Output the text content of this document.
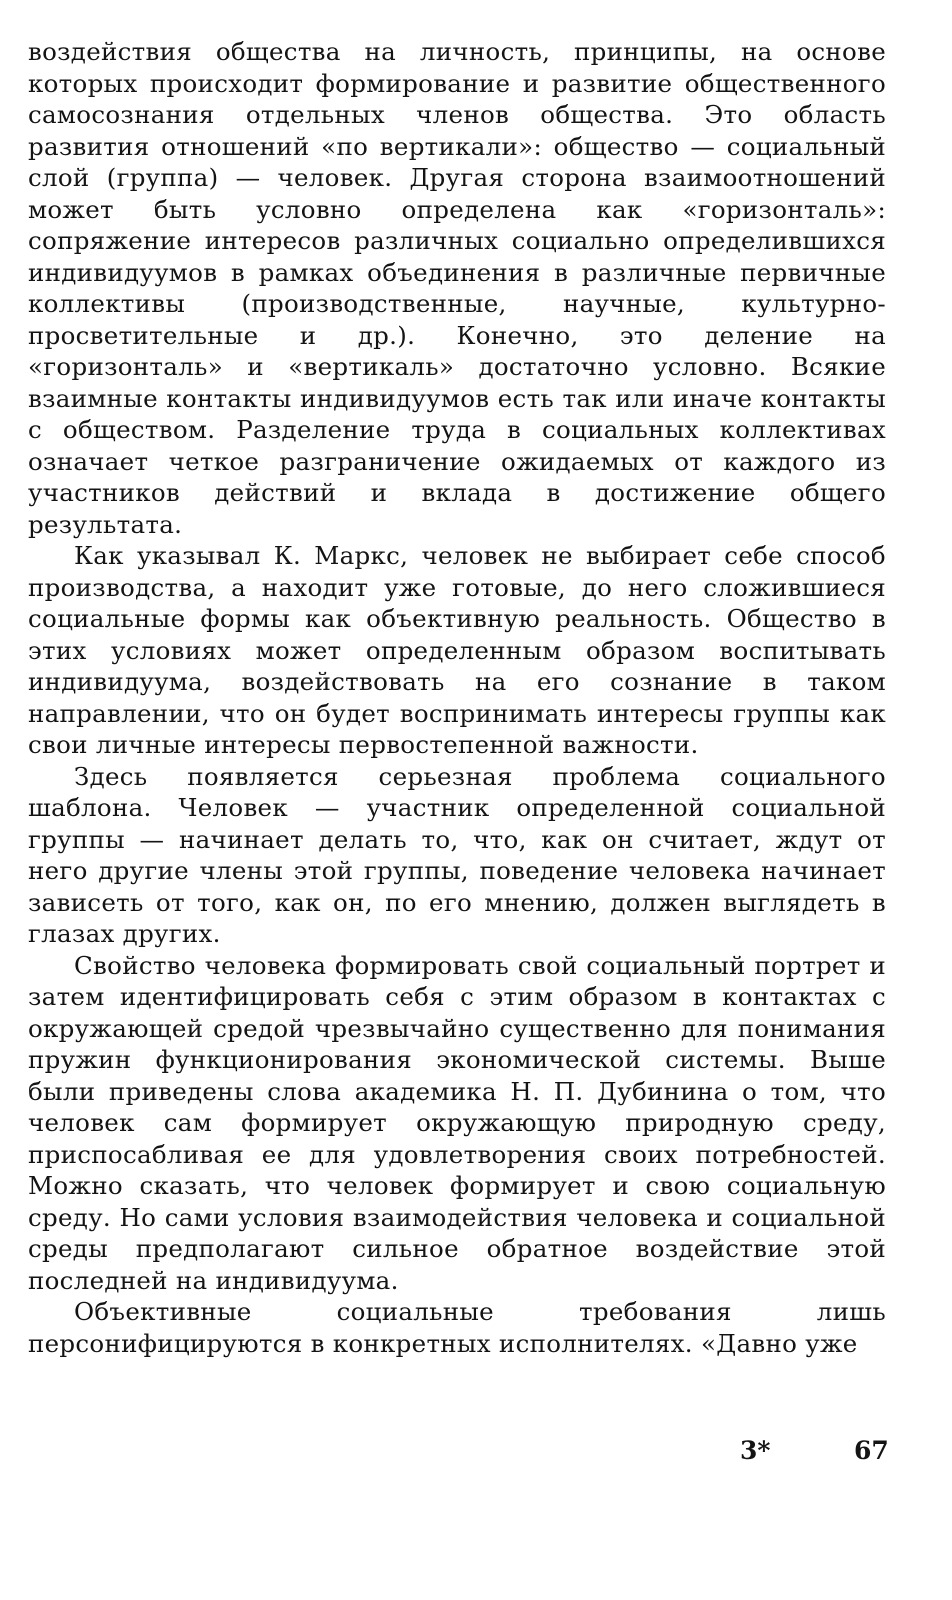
воздействия общества на личность, принципы, на основе которых происходит формирование и развитие общественного самосознания отдельных членов общества. Это область развития отношений «по вертикали»: общество — социальный слой (группа) — человек. Другая сторона взаимоотношений может быть условно определена как «горизонталь»: сопряжение интересов различных социально определившихся индивидуумов в рамках объединения в различные первичные коллективы (производственные, научные, культурно-просветительные и др.). Конечно, это деление на «горизонталь» и «вертикаль» достаточно условно. Всякие взаимные контакты индивидуумов есть так или иначе контакты с обществом. Разделение труда в социальных коллективах означает четкое разграничение ожидаемых от каждого из участников действий и вклада в достижение общего результата.

Как указывал К. Маркс, человек не выбирает себе способ производства, а находит уже готовые, до него сложившиеся социальные формы как объективную реальность. Общество в этих условиях может определенным образом воспитывать индивидуума, воздействовать на его сознание в таком направлении, что он будет воспринимать интересы группы как свои личные интересы первостепенной важности.

Здесь появляется серьезная проблема социального шаблона. Человек — участник определенной социальной группы — начинает делать то, что, как он считает, ждут от него другие члены этой группы, поведение человека начинает зависеть от того, как он, по его мнению, должен выглядеть в глазах других.

Свойство человека формировать свой социальный портрет и затем идентифицировать себя с этим образом в контактах с окружающей средой чрезвычайно существенно для понимания пружин функционирования экономической системы. Выше были приведены слова академика Н. П. Дубинина о том, что человек сам формирует окружающую природную среду, приспосабливая ее для удовлетворения своих потребностей. Можно сказать, что человек формирует и свою социальную среду. Но сами условия взаимодействия человека и социальной среды предполагают сильное обратное воздействие этой последней на индивидуума.

Объективные социальные требования лишь персонифицируются в конкретных исполнителях. «Давно уже

3*	67
